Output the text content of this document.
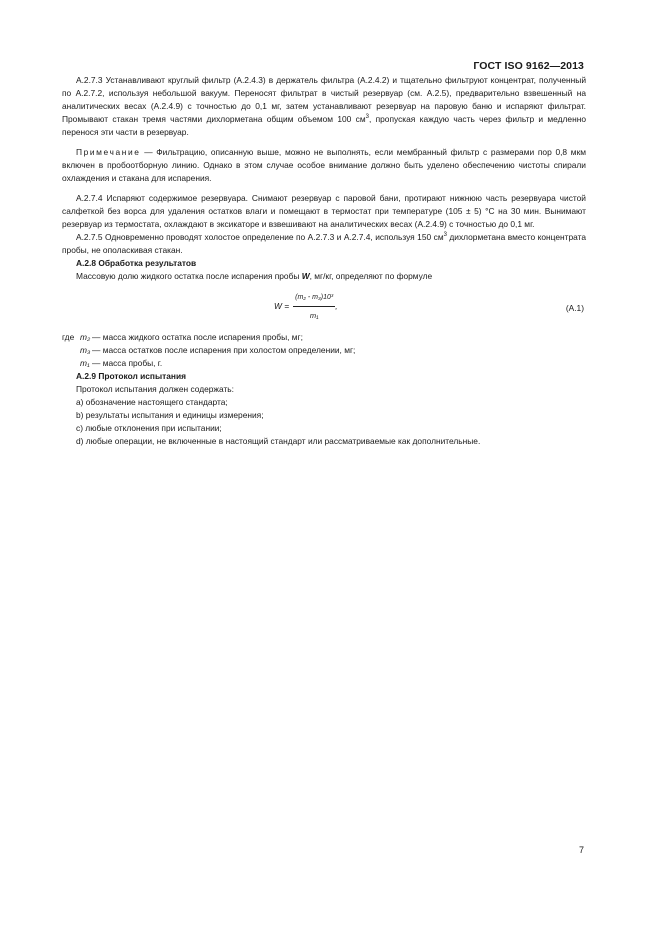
ГОСТ ISO 9162—2013

А.2.7.3 Устанавливают круглый фильтр (А.2.4.3) в держатель фильтра (А.2.4.2) и тщательно фильтруют концентрат, полученный по А.2.7.2, используя небольшой вакуум. Переносят фильтрат в чистый резервуар (см. А.2.5), предварительно взвешенный на аналитических весах (А.2.4.9) с точностью до 0,1 мг, затем устанавливают резервуар на паровую баню и испаряют фильтрат. Промывают стакан тремя частями дихлорметана общим объемом 100 $см^3$, пропуская каждую часть через фильтр и медленно перенося эти части в резервуар.

Примечание — Фильтрацию, описанную выше, можно не выполнять, если мембранный фильтр с размерами пор 0,8 мкм включен в пробоотборную линию. Однако в этом случае особое внимание должно быть уделено обеспечению чистоты спирали охлаждения и стакана для испарения.

А.2.7.4 Испаряют содержимое резервуара. Снимают резервуар с паровой бани, протирают нижнюю часть резервуара чистой салфеткой без ворса для удаления остатков влаги и помещают в термостат при температуре (105 ± 5) °С на 30 мин. Вынимают резервуар из термостата, охлаждают в эксикаторе и взвешивают на аналитических весах (А.2.4.9) с точностью до 0,1 мг.

А.2.7.5 Одновременно проводят холостое определение по А.2.7.3 и А.2.7.4, используя 150 $см^3$ дихлорметана вместо концентрата пробы, не ополаскивая стакан.

А.2.8 Обработка результатов

Массовую долю жидкого остатка после испарения пробы W, мг/кг, определяют по формуле

$W = \frac{\text{(m₂ - m₃)10³}}{\text{m₁}}$ ,	(А.1)
где m₂ — масса жидкого остатка после испарения пробы, мг;
m₃ — масса остатков после испарения при холостом определении, мг;
m₁ — масса пробы, г.

А.2.9 Протокол испытания

Протокол испытания должен содержать:

a) обозначение настоящего стандарта;

b) результаты испытания и единицы измерения;

c) любые отклонения при испытании;

d) любые операции, не включенные в настоящий стандарт или рассматриваемые как дополнительные.

7
